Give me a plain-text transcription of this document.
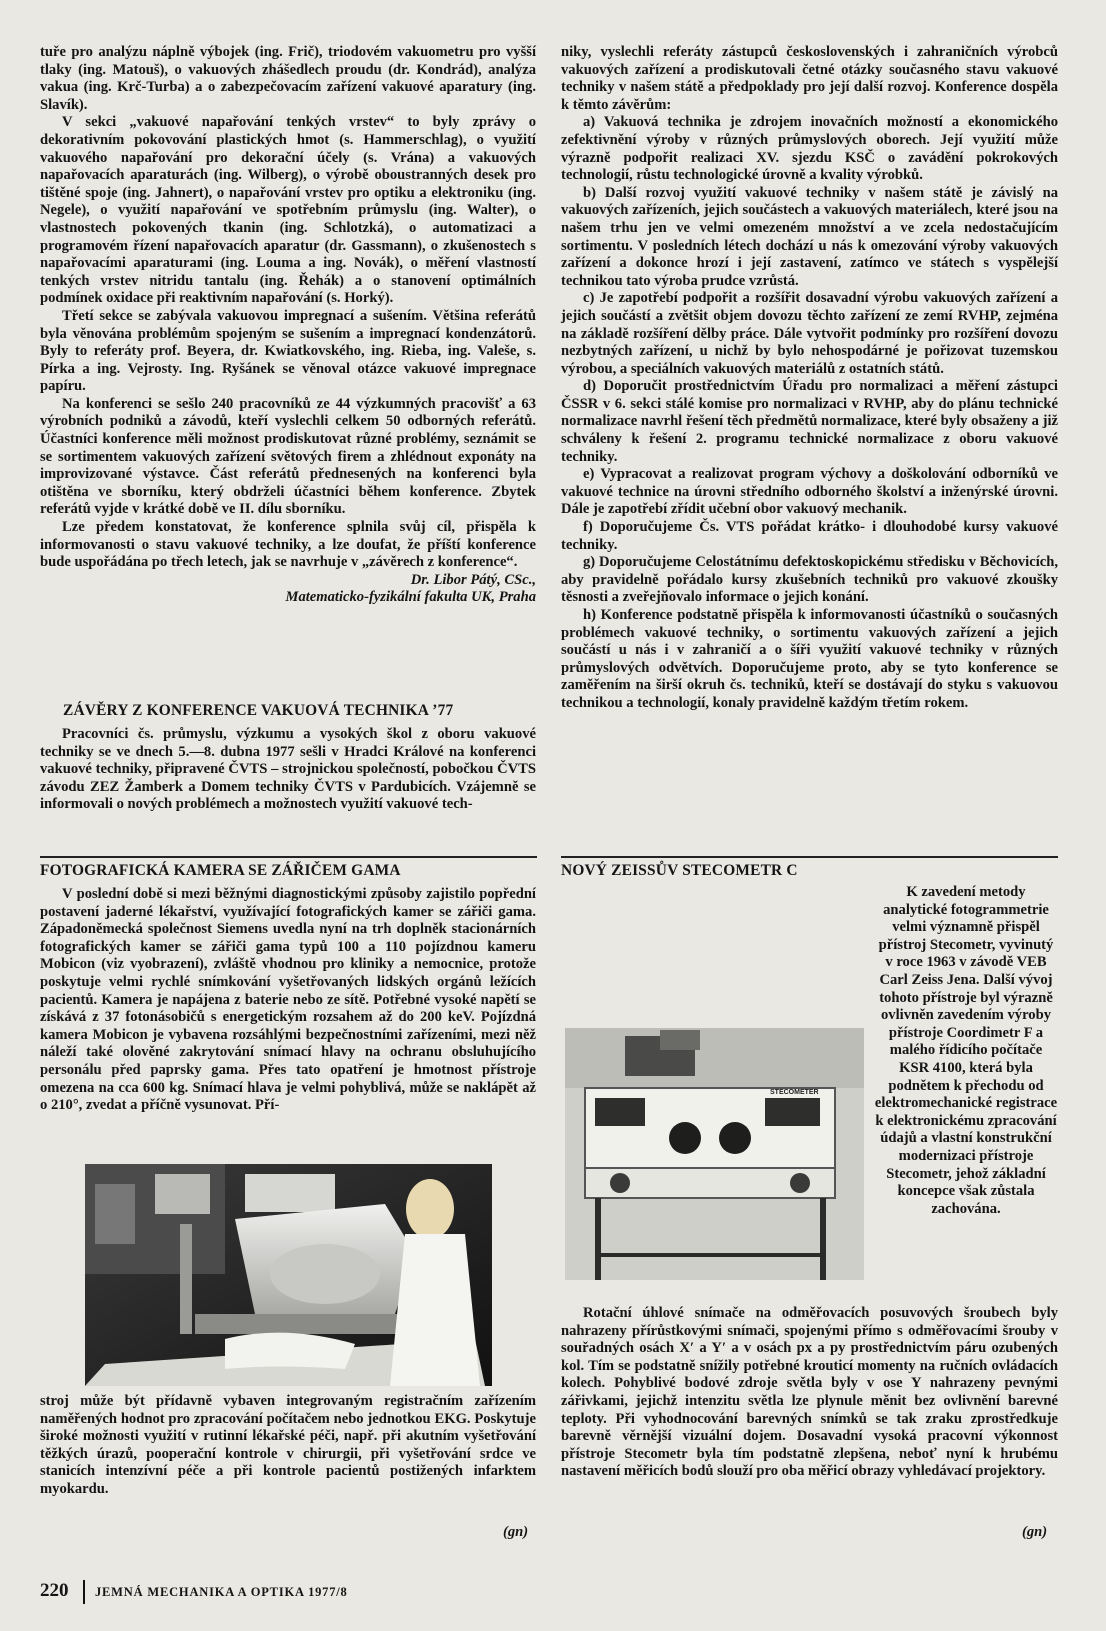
tuře pro analýzu náplně výbojek (ing. Frič), triodovém vakuometru pro vyšší tlaky (ing. Matouš), o vakuových zhášedlech proudu (dr. Kondrád), analýza vakua (ing. Krč-Turba) a o zabezpečovacím zařízení vakuové aparatury (ing. Slavík).

V sekci „vakuové napařování tenkých vrstev“ to byly zprávy o dekorativním pokovování plastických hmot (s. Hammerschlag), o využití vakuového napařování pro dekorační účely (s. Vrána) a vakuových napařovacích aparaturách (ing. Wilberg), o výrobě oboustranných desek pro tištěné spoje (ing. Jahnert), o napařování vrstev pro optiku a elektroniku (ing. Negele), o využití napařování ve spotřebním průmyslu (ing. Walter), o vlastnostech pokovených tkanin (ing. Schlotzká), o automatizaci a programovém řízení napařovacích aparatur (dr. Gassmann), o zkušenostech s napařovacími aparaturami (ing. Louma a ing. Novák), o měření vlastností tenkých vrstev nitridu tantalu (ing. Řehák) a o stanovení optimálních podmínek oxidace při reaktivním napařování (s. Horký).

Třetí sekce se zabývala vakuovou impregnací a sušením. Většina referátů byla věnována problémům spojeným se sušením a impregnací kondenzátorů. Byly to referáty prof. Beyera, dr. Kwiatkovského, ing. Rieba, ing. Valeše, s. Pírka a ing. Vejrosty. Ing. Ryšánek se věnoval otázce vakuové impregnace papíru.

Na konferenci se sešlo 240 pracovníků ze 44 výzkumných pracovišť a 63 výrobních podniků a závodů, kteří vyslechli celkem 50 odborných referátů. Účastníci konference měli možnost prodiskutovat různé problémy, seznámit se se sortimentem vakuových zařízení světových firem a zhlédnout exponáty na improvizované výstavce. Část referátů přednesených na konferenci byla otištěna ve sborníku, který obdrželi účastníci během konference. Zbytek referátů vyjde v krátké době ve II. dílu sborníku.

Lze předem konstatovat, že konference splnila svůj cíl, přispěla k informovanosti o stavu vakuové techniky, a lze doufat, že příští konference bude uspořádána po třech letech, jak se navrhuje v „závěrech z konference“.

Dr. Libor Pátý, CSc.,
Matematicko-fyzikální fakulta UK, Praha
ZÁVĚRY Z KONFERENCE VAKUOVÁ TECHNIKA ’77

Pracovníci čs. průmyslu, výzkumu a vysokých škol z oboru vakuové techniky se ve dnech 5.—8. dubna 1977 sešli v Hradci Králové na konferenci vakuové techniky, připravené ČVTS – strojnickou společností, pobočkou ČVTS závodu ZEZ Žamberk a Domem techniky ČVTS v Pardubicích. Vzájemně se informovali o nových problémech a možnostech využití vakuové tech-

niky, vyslechli referáty zástupců československých i zahraničních výrobců vakuových zařízení a prodiskutovali četné otázky současného stavu vakuové techniky v našem státě a předpoklady pro její další rozvoj. Konference dospěla k těmto závěrům:

a) Vakuová technika je zdrojem inovačních možností a ekonomického zefektivnění výroby v různých průmyslových oborech. Její využití může výrazně podpořit realizaci XV. sjezdu KSČ o zavádění pokrokových technologií, růstu technologické úrovně a kvality výrobků.

b) Další rozvoj využití vakuové techniky v našem státě je závislý na vakuových zařízeních, jejich součástech a vakuových materiálech, které jsou na našem trhu jen ve velmi omezeném množství a ve zcela nedostačujícím sortimentu. V posledních létech dochází u nás k omezování výroby vakuových zařízení a dokonce hrozí i její zastavení, zatímco ve státech s vyspělejší technikou tato výroba prudce vzrůstá.

c) Je zapotřebí podpořit a rozšířit dosavadní výrobu vakuových zařízení a jejich součástí a zvětšit objem dovozu těchto zařízení ze zemí RVHP, zejména na základě rozšíření dělby práce. Dále vytvořit podmínky pro rozšíření dovozu nezbytných zařízení, u nichž by bylo nehospodárné je pořizovat tuzemskou výrobou, a speciálních vakuových materiálů z ostatních států.

d) Doporučit prostřednictvím Úřadu pro normalizaci a měření zástupci ČSSR v 6. sekci stálé komise pro normalizaci v RVHP, aby do plánu technické normalizace navrhl řešení těch předmětů normalizace, které byly obsaženy a již schváleny k řešení 2. programu technické normalizace z oboru vakuové techniky.

e) Vypracovat a realizovat program výchovy a doškolování odborníků ve vakuové technice na úrovni středního odborného školství a inženýrské úrovni. Dále je zapotřebí zřídit učební obor vakuový mechanik.

f) Doporučujeme Čs. VTS pořádat krátko- i dlouhodobé kursy vakuové techniky.

g) Doporučujeme Celostátnímu defektoskopickému středisku v Běchovicích, aby pravidelně pořádalo kursy zkušebních techniků pro vakuové zkoušky těsnosti a zveřejňovalo informace o jejich konání.

h) Konference podstatně přispěla k informovanosti účastníků o současných problémech vakuové techniky, o sortimentu vakuových zařízení a jejich součástí u nás i v zahraničí a o šíři využití vakuové techniky v různých průmyslových odvětvích. Doporučujeme proto, aby se tyto konference se zaměřením na širší okruh čs. techniků, kteří se dostávají do styku s vakuovou technikou a technologií, konaly pravidelně každým třetím rokem.

FOTOGRAFICKÁ KAMERA SE ZÁŘIČEM GAMA

V poslední době si mezi běžnými diagnostickými způsoby zajistilo popřední postavení jaderné lékařství, využívající fotografických kamer se zářiči gama. Západoněmecká společnost Siemens uvedla nyní na trh doplněk stacionárních fotografických kamer se zářiči gama typů 100 a 110 pojízdnou kameru Mobicon (viz vyobrazení), zvláště vhodnou pro kliniky a nemocnice, protože poskytuje velmi rychlé snímkování vyšetřovaných lidských orgánů ležících pacientů. Kamera je napájena z baterie nebo ze sítě. Potřebné vysoké napětí se získává z 37 fotonásobičů s energetickým rozsahem až do 200 keV. Pojízdná kamera Mobicon je vybavena rozsáhlými bezpečnostními zařízeními, mezi něž náleží také olověné zakrytování snímací hlavy na ochranu obsluhujícího personálu před paprsky gama. Přes tato opatření je hmotnost přístroje omezena na cca 600 kg. Snímací hlava je velmi pohyblivá, může se naklápět až o 210°, zvedat a příčně vysunovat. Pří-

stroj může být přídavně vybaven integrovaným registračním zařízením naměřených hodnot pro zpracování počítačem nebo jednotkou EKG. Poskytuje široké možnosti využití v rutinní lékařské péči, např. při akutním vyšetřování těžkých úrazů, pooperační kontrole v chirurgii, při vyšetřování srdce ve stanicích intenzívní péče a při kontrole pacientů postižených infarktem myokardu.

(gn)
NOVÝ ZEISSŮV STECOMETR C

K zavedení metody analytické fotogrammetrie velmi významně přispěl přístroj Stecometr, vyvinutý v roce 1963 v závodě VEB Carl Zeiss Jena. Další vývoj tohoto přístroje byl výrazně ovlivněn zavedením výroby přístroje Coordimetr F a malého řídicího počítače KSR 4100, která byla podnětem k přechodu od elektromechanické registrace k elektronickému zpracování údajů a vlastní konstrukční modernizaci přístroje Stecometr, jehož základní koncepce však zůstala zachována.

STECOMETER

Rotační úhlové snímače na odměřovacích posuvových šroubech byly nahrazeny přírůstkovými snímači, spojenými přímo s odměřovacími šrouby v souřadných osách X′ a Y′ a v osách px a py prostřednictvím páru ozubených kol. Tím se podstatně snížily potřebné krouticí momenty na ručních ovládacích kolech. Pohyblivé bodové zdroje světla byly v ose Y nahrazeny pevnými zářivkami, jejichž intenzitu světla lze plynule měnit bez ovlivnění barevné teploty. Při vyhodnocování barevných snímků se tak zraku zprostředkuje barevně věrnější vizuální dojem. Dosavadní vysoká pracovní výkonnost přístroje Stecometr byla tím podstatně zlepšena, neboť nyní k hrubému nastavení měřicích bodů slouží pro oba měřicí obrazy vyhledávací projektory.

(gn)
220 JEMNÁ MECHANIKA A OPTIKA 1977/8
